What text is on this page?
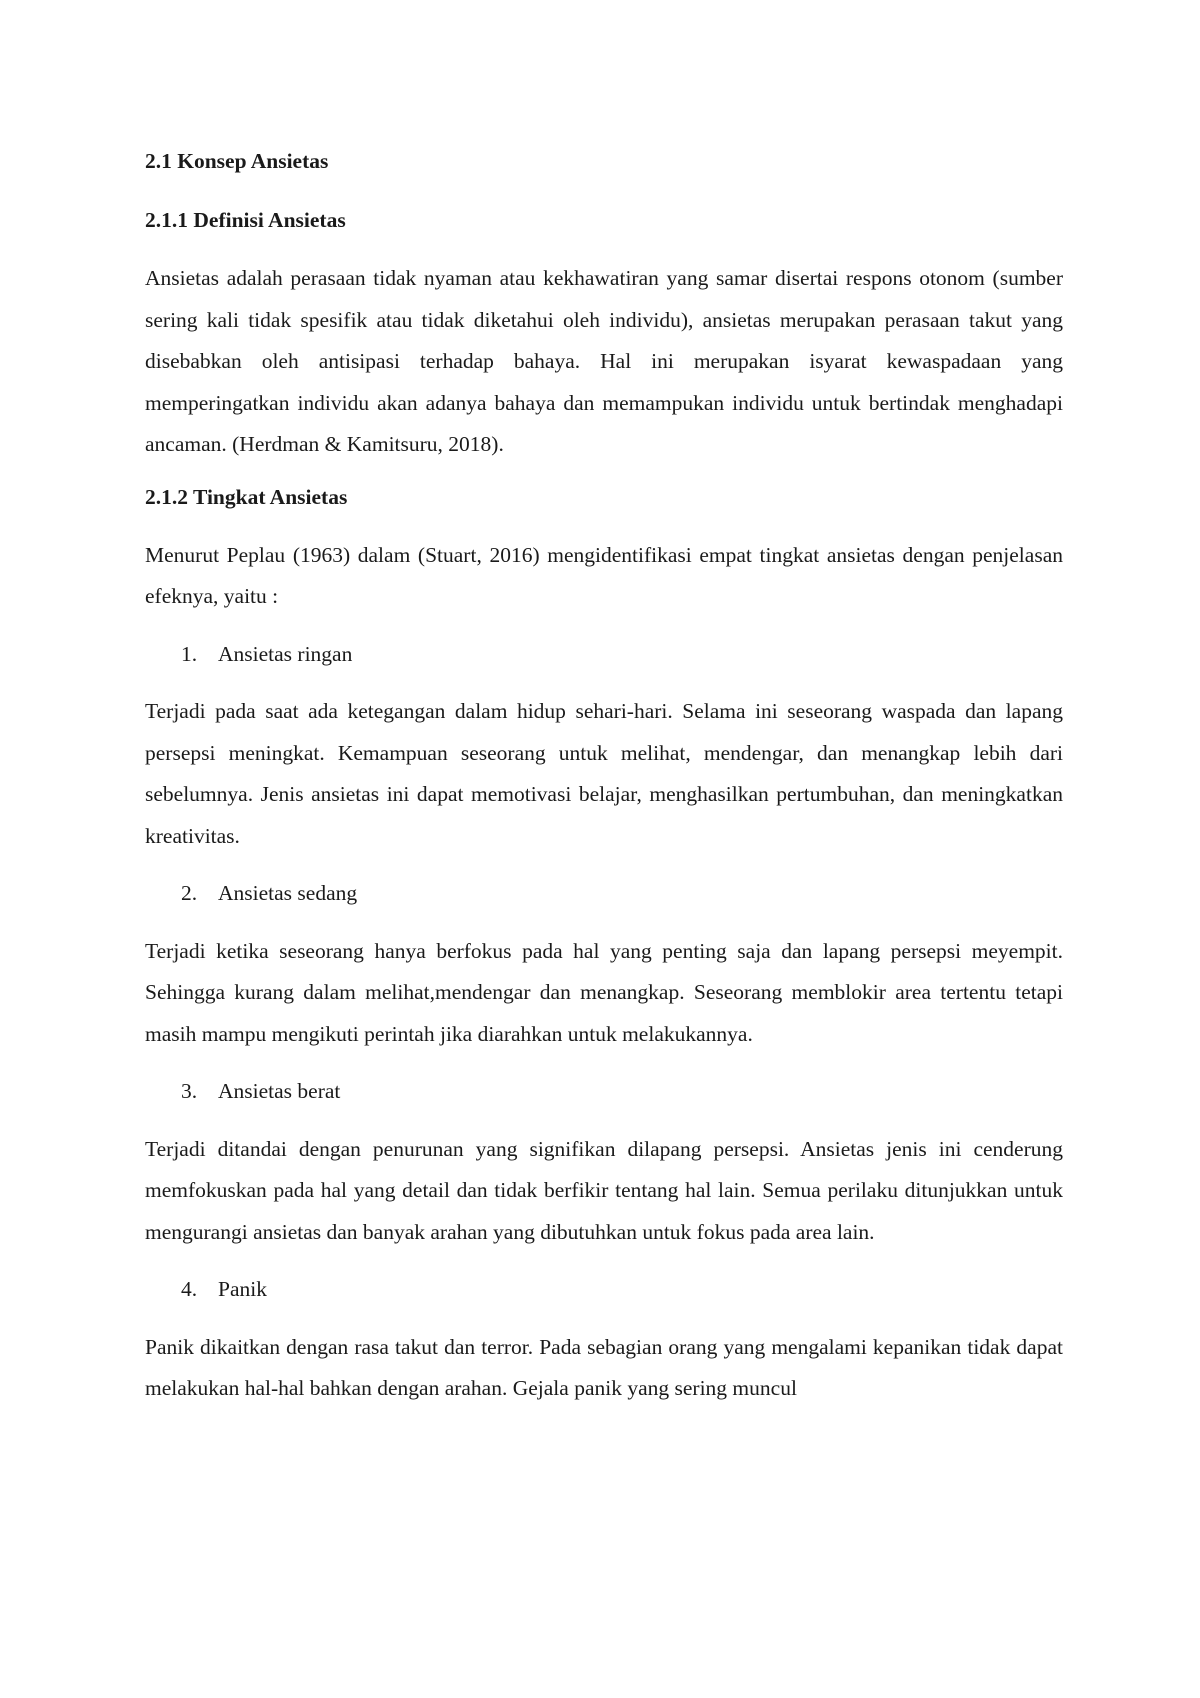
2.1 Konsep Ansietas

2.1.1 Definisi Ansietas

Ansietas adalah perasaan tidak nyaman atau kekhawatiran yang samar disertai respons otonom (sumber sering kali tidak spesifik atau tidak diketahui oleh individu), ansietas merupakan perasaan takut yang disebabkan oleh antisipasi terhadap bahaya. Hal ini merupakan isyarat kewaspadaan yang memperingatkan individu akan adanya bahaya dan memampukan individu untuk bertindak menghadapi ancaman. (Herdman & Kamitsuru, 2018).

2.1.2 Tingkat Ansietas

Menurut Peplau (1963) dalam (Stuart, 2016) mengidentifikasi empat tingkat ansietas dengan penjelasan efeknya, yaitu :

1. Ansietas ringan

Terjadi pada saat ada ketegangan dalam hidup sehari-hari. Selama ini seseorang waspada dan lapang persepsi meningkat. Kemampuan seseorang untuk melihat, mendengar, dan menangkap lebih dari sebelumnya. Jenis ansietas ini dapat memotivasi belajar, menghasilkan pertumbuhan, dan meningkatkan kreativitas.

2. Ansietas sedang

Terjadi ketika seseorang hanya berfokus pada hal yang penting saja dan lapang persepsi meyempit. Sehingga kurang dalam melihat,mendengar dan menangkap. Seseorang memblokir area tertentu tetapi masih mampu mengikuti perintah jika diarahkan untuk melakukannya.

3. Ansietas berat

Terjadi ditandai dengan penurunan yang signifikan dilapang persepsi. Ansietas jenis ini cenderung memfokuskan pada hal yang detail dan tidak berfikir tentang hal lain. Semua perilaku ditunjukkan untuk mengurangi ansietas dan banyak arahan yang dibutuhkan untuk fokus pada area lain.

4. Panik

Panik dikaitkan dengan rasa takut dan terror. Pada sebagian orang yang mengalami kepanikan tidak dapat melakukan hal-hal bahkan dengan arahan. Gejala panik yang sering muncul
